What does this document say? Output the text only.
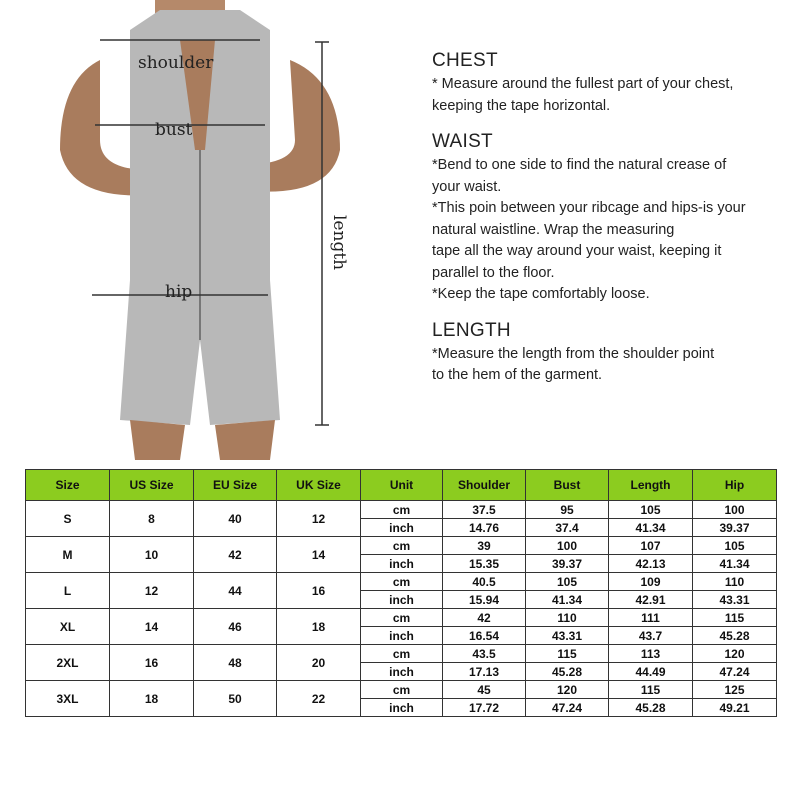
shoulder
bust
hip
length
CHEST

* Measure around the fullest part of your chest,
keeping the tape horizontal.

WAIST

*Bend to one side to find the natural crease of
your waist.
*This poin between your ribcage and hips-is your
natural waistline. Wrap the measuring
tape all the way around your waist, keeping it
parallel to the floor.
*Keep the tape comfortably loose.

LENGTH

*Measure the length from the shoulder point
to the hem of the garment.

Size	US Size	EU Size	UK Size	Unit	Shoulder	Bust	Length	Hip
S	8	40	12	cm	37.5	95	105	100
				inch	14.76	37.4	41.34	39.37
M	10	42	14	cm	39	100	107	105
				inch	15.35	39.37	42.13	41.34
L	12	44	16	cm	40.5	105	109	110
				inch	15.94	41.34	42.91	43.31
XL	14	46	18	cm	42	110	111	115
				inch	16.54	43.31	43.7	45.28
2XL	16	48	20	cm	43.5	115	113	120
				inch	17.13	45.28	44.49	47.24
3XL	18	50	22	cm	45	120	115	125
				inch	17.72	47.24	45.28	49.21
